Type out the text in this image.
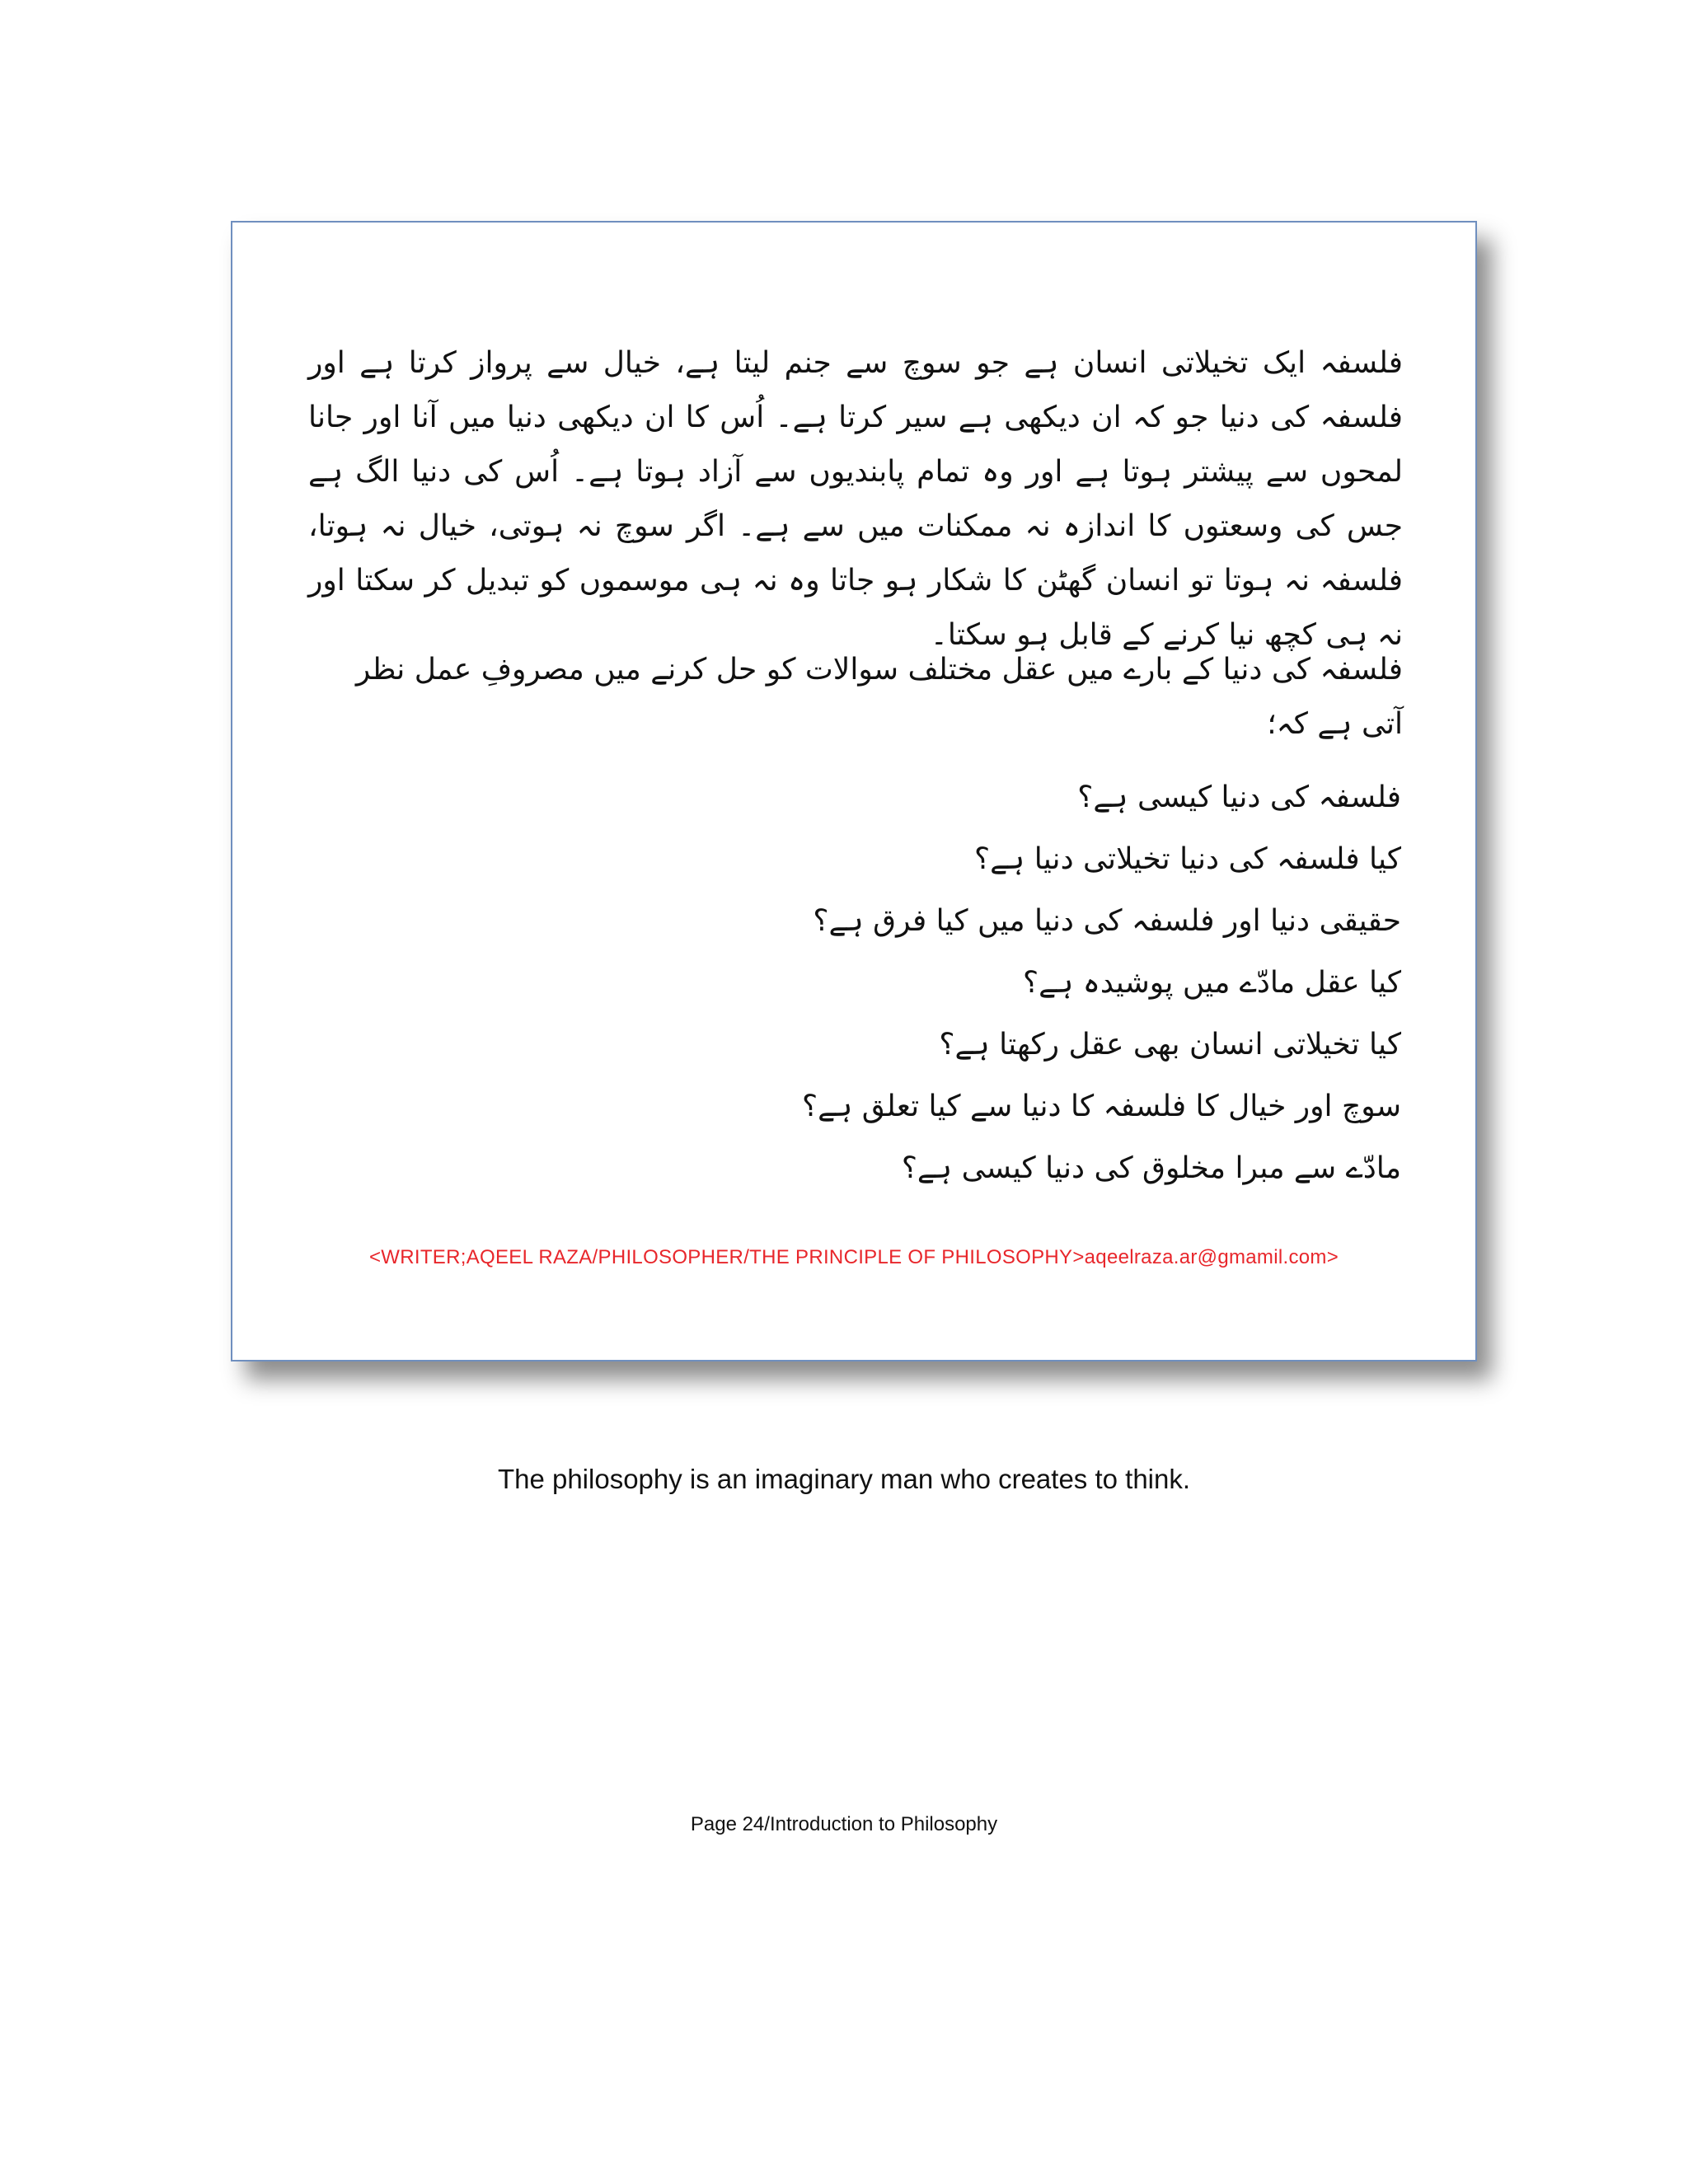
فلسفہ ایک تخیلاتی انسان ہے جو سوچ سے جنم لیتا ہے، خیال سے پرواز کرتا ہے اور فلسفہ کی دنیا جو کہ ان دیکھی ہے سیر کرتا ہے۔ اُس کا ان دیکھی دنیا میں آنا اور جانا لمحوں سے پیشتر ہوتا ہے اور وہ تمام پابندیوں سے آزاد ہوتا ہے۔ اُس کی دنیا الگ ہے جس کی وسعتوں کا اندازہ نہ ممکنات میں سے ہے۔ اگر سوچ نہ ہوتی، خیال نہ ہوتا، فلسفہ نہ ہوتا تو انسان گھٹن کا شکار ہو جاتا وہ نہ ہی موسموں کو تبدیل کر سکتا اور نہ ہی کچھ نیا کرنے کے قابل ہو سکتا۔
فلسفہ کی دنیا کے بارے میں عقل مختلف سوالات کو حل کرنے میں مصروفِ عمل نظر آتی ہے کہ؛
فلسفہ کی دنیا کیسی ہے؟
کیا فلسفہ کی دنیا تخیلاتی دنیا ہے؟
حقیقی دنیا اور فلسفہ کی دنیا میں کیا فرق ہے؟
کیا عقل مادّے میں پوشیدہ ہے؟
کیا تخیلاتی انسان بھی عقل رکھتا ہے؟
سوچ اور خیال کا فلسفہ کا دنیا سے کیا تعلق ہے؟
مادّے سے مبرا مخلوق کی دنیا کیسی ہے؟
<WRITER;AQEEL RAZA/PHILOSOPHER/THE PRINCIPLE OF PHILOSOPHY>aqeelraza.ar@gmamil.com>
The philosophy is an imaginary man who creates to think.
Page 24/Introduction to Philosophy
